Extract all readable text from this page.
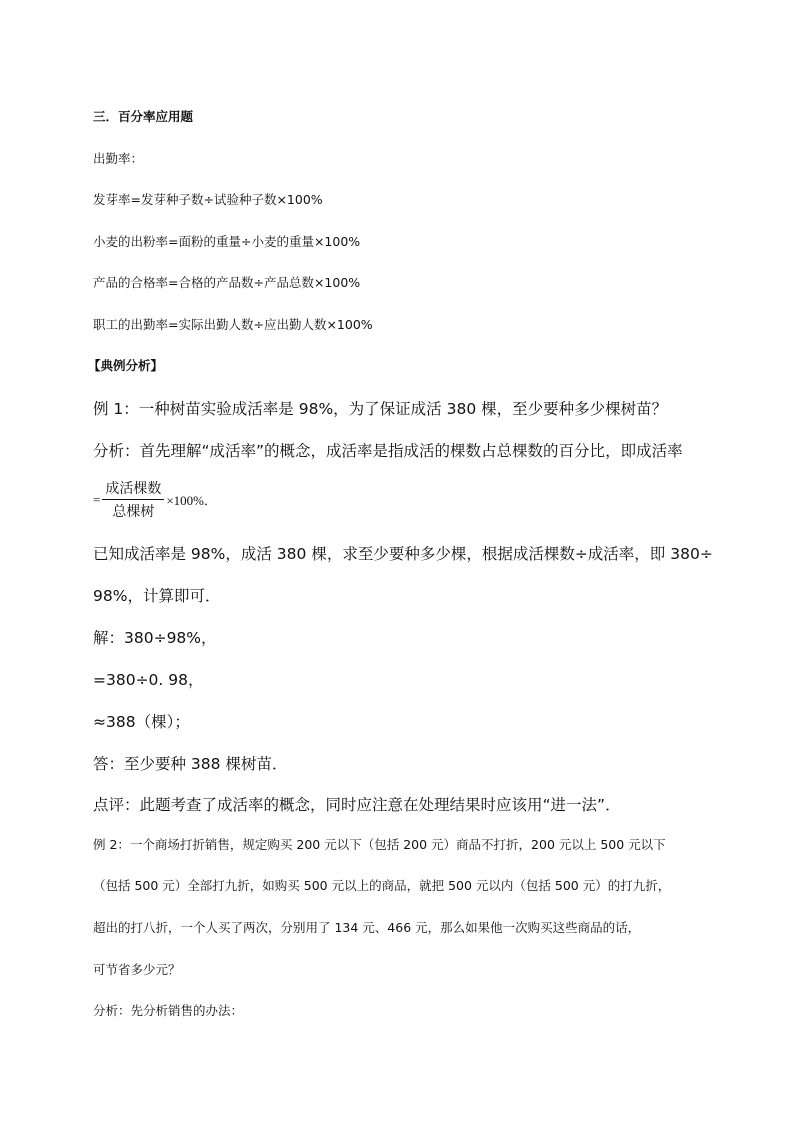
三．百分率应用题
出勤率：
发芽率=发芽种子数÷试验种子数×100%
小麦的出粉率=面粉的重量÷小麦的重量×100%
产品的合格率=合格的产品数÷产品总数×100%
职工的出勤率=实际出勤人数÷应出勤人数×100%
【典例分析】
例 1：一种树苗实验成活率是 98%，为了保证成活 380 棵，至少要种多少棵树苗？
分析：首先理解“成活率”的概念，成活率是指成活的棵数占总棵数的百分比，即成活率
= $\frac{\text{成活棵数}}{\text{总棵树}} \times 100\%$．
已知成活率是 98%，成活 380 棵，求至少要种多少棵，根据成活棵数÷成活率，即 380÷
98%，计算即可．
解：380÷98%，
=380÷0. 98，
≈388（棵）；
答：至少要种 388 棵树苗．
点评：此题考查了成活率的概念，同时应注意在处理结果时应该用“进一法”．
例 2：一个商场打折销售，规定购买 200 元以下（包括 200 元）商品不打折，200 元以上 500 元以下
（包括 500 元）全部打九折，如购买 500 元以上的商品，就把 500 元以内（包括 500 元）的打九折，
超出的打八折，一个人买了两次，分别用了 134 元、466 元，那么如果他一次购买这些商品的话，
可节省多少元？
分析：先分析销售的办法：
